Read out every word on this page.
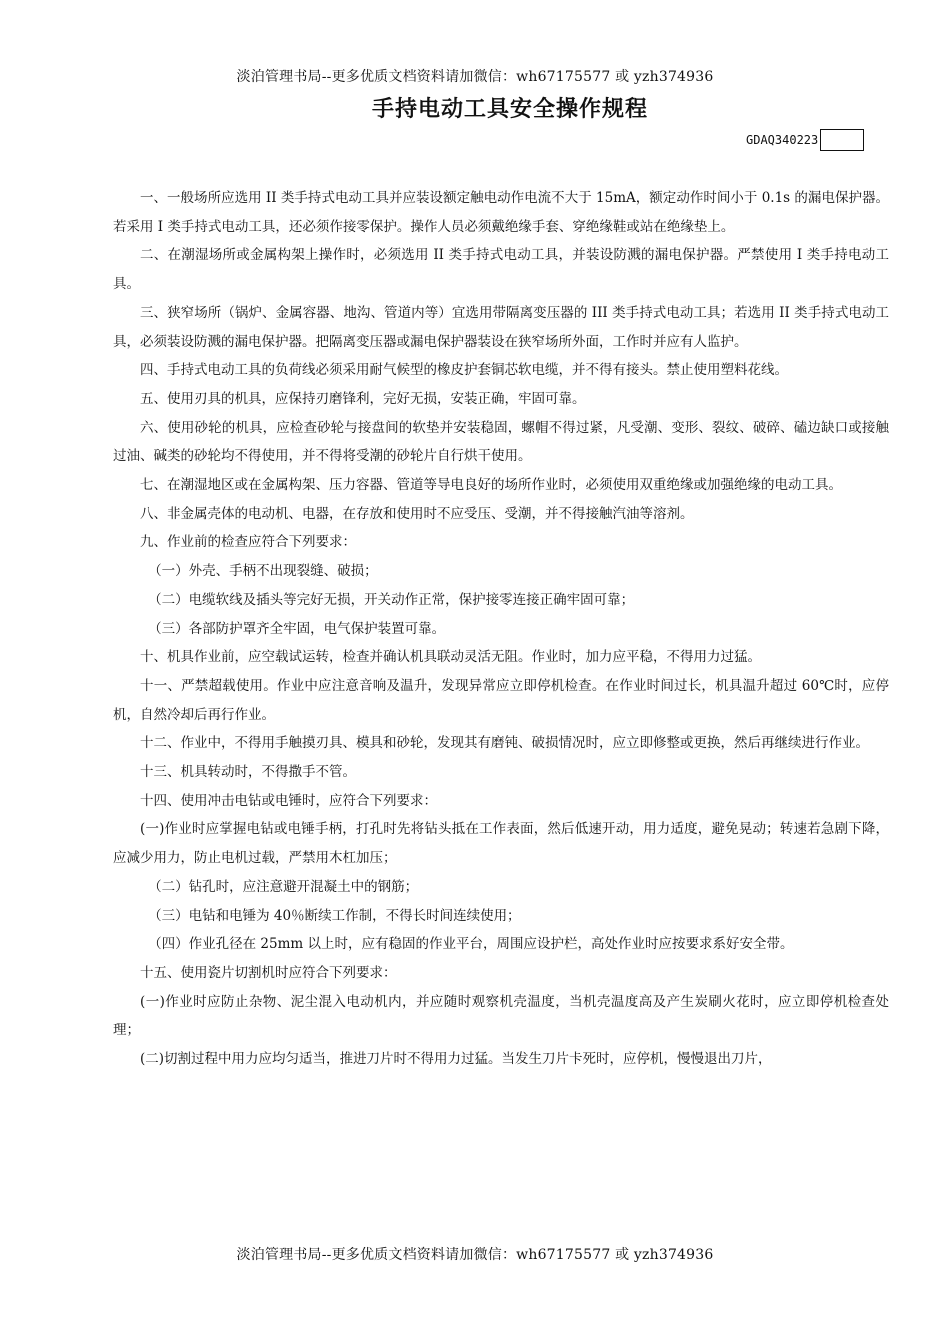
淡泊管理书局--更多优质文档资料请加微信：wh67175577 或 yzh374936
手持电动工具安全操作规程
GDAQ340223

一、一般场所应选用 II 类手持式电动工具并应装设额定触电动作电流不大于 15mA，额定动作时间小于 0.1s 的漏电保护器。若采用 I 类手持式电动工具，还必须作接零保护。操作人员必须戴绝缘手套、穿绝缘鞋或站在绝缘垫上。

二、在潮湿场所或金属构架上操作时，必须选用 II 类手持式电动工具，并装设防溅的漏电保护器。严禁使用 I 类手持电动工具。

三、狭窄场所（锅炉、金属容器、地沟、管道内等）宜选用带隔离变压器的 III 类手持式电动工具；若选用 II 类手持式电动工具，必须装设防溅的漏电保护器。把隔离变压器或漏电保护器装设在狭窄场所外面，工作时并应有人监护。

四、手持式电动工具的负荷线必须采用耐气候型的橡皮护套铜芯软电缆，并不得有接头。禁止使用塑料花线。

五、使用刃具的机具，应保持刃磨锋利，完好无损，安装正确，牢固可靠。

六、使用砂轮的机具，应检查砂轮与接盘间的软垫并安装稳固，螺帽不得过紧，凡受潮、变形、裂纹、破碎、磕边缺口或接触过油、碱类的砂轮均不得使用，并不得将受潮的砂轮片自行烘干使用。

七、在潮湿地区或在金属构架、压力容器、管道等导电良好的场所作业时，必须使用双重绝缘或加强绝缘的电动工具。

八、非金属壳体的电动机、电器，在存放和使用时不应受压、受潮，并不得接触汽油等溶剂。

九、作业前的检查应符合下列要求：

（一）外壳、手柄不出现裂缝、破损；

（二）电缆软线及插头等完好无损，开关动作正常，保护接零连接正确牢固可靠；

（三）各部防护罩齐全牢固，电气保护装置可靠。

十、机具作业前，应空载试运转，检查并确认机具联动灵活无阻。作业时，加力应平稳，不得用力过猛。

十一、严禁超载使用。作业中应注意音响及温升，发现异常应立即停机检查。在作业时间过长，机具温升超过 60℃时，应停机，自然冷却后再行作业。

十二、作业中，不得用手触摸刃具、模具和砂轮，发现其有磨钝、破损情况时，应立即修整或更换，然后再继续进行作业。

十三、机具转动时，不得撒手不管。

十四、使用冲击电钻或电锤时，应符合下列要求：

(一)作业时应掌握电钻或电锤手柄，打孔时先将钻头抵在工作表面，然后低速开动，用力适度，避免晃动；转速若急剧下降，应减少用力，防止电机过载，严禁用木杠加压；

（二）钻孔时，应注意避开混凝土中的钢筋；

（三）电钻和电锤为 40％断续工作制，不得长时间连续使用；

（四）作业孔径在 25mm 以上时，应有稳固的作业平台，周围应设护栏，高处作业时应按要求系好安全带。

十五、使用瓷片切割机时应符合下列要求：

(一)作业时应防止杂物、泥尘混入电动机内，并应随时观察机壳温度，当机壳温度高及产生炭刷火花时，应立即停机检查处理；

(二)切割过程中用力应均匀适当，推进刀片时不得用力过猛。当发生刀片卡死时，应停机，慢慢退出刀片，

淡泊管理书局--更多优质文档资料请加微信：wh67175577 或 yzh374936
